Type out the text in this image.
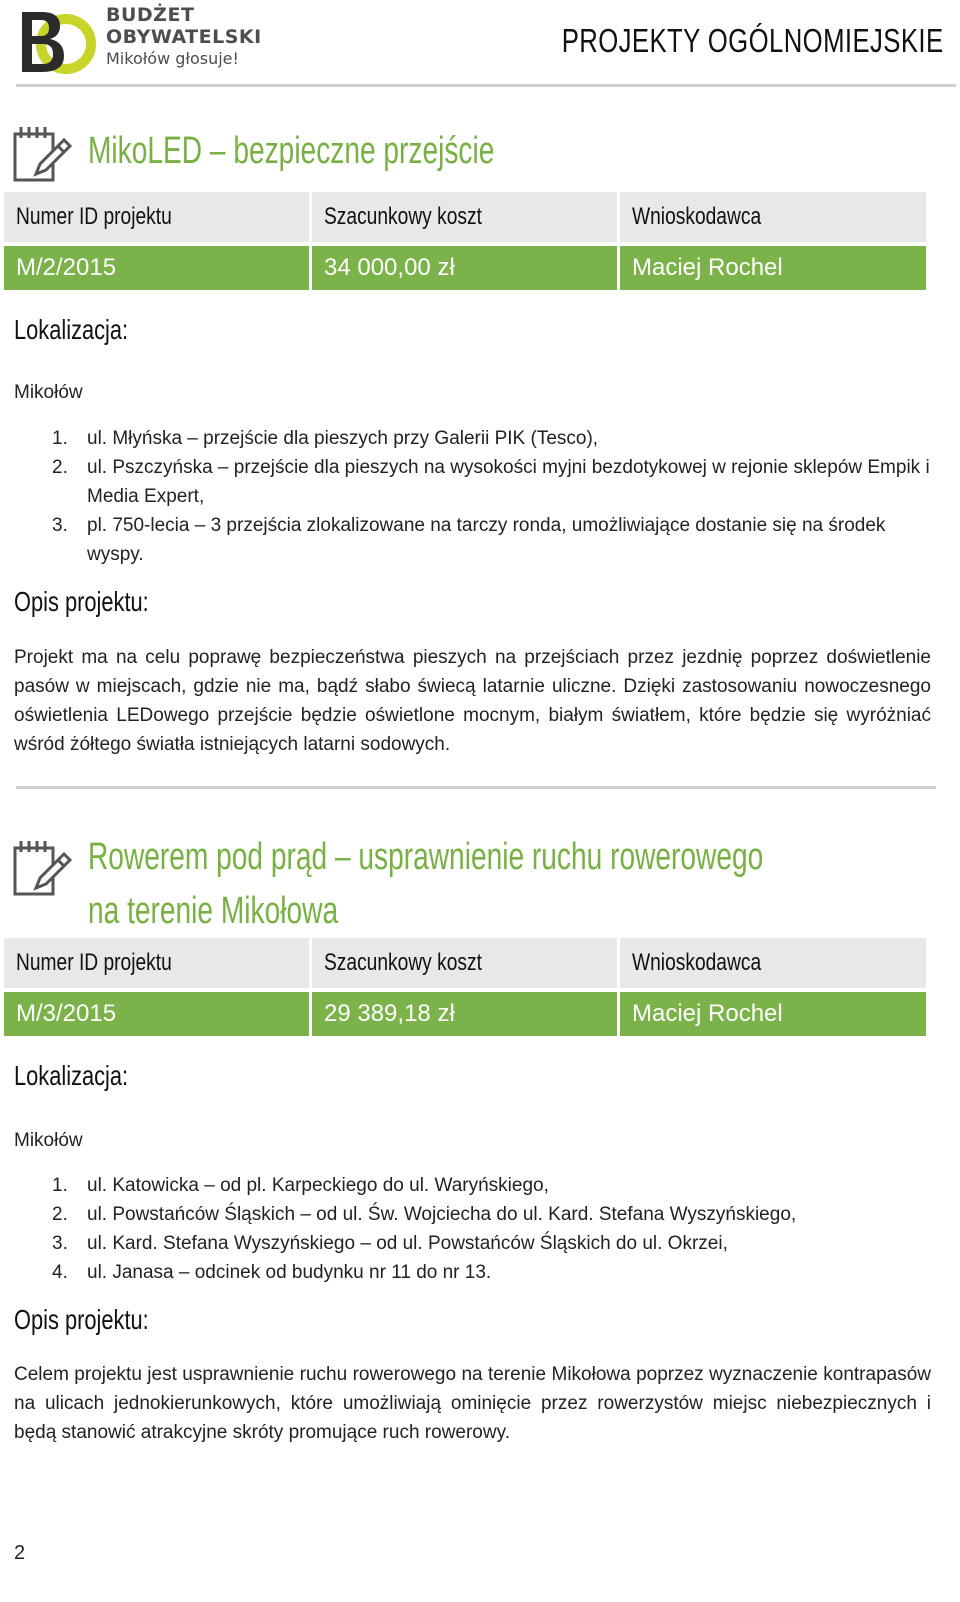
BUDŻET
OBYWATELSKI
Mikołów głosuje!	PROJEKTY OGÓLNOMIEJSKIE
MikoLED – bezpieczne przejście
Numer ID projektu	Szacunkowy koszt	Wnioskodawca
M/2/2015	34 000,00 zł	Maciej Rochel
Lokalizacja:
Mikołów
1. ul. Młyńska – przejście dla pieszych przy Galerii PIK (Tesco),
2. ul. Pszczyńska – przejście dla pieszych na wysokości myjni bezdotykowej w rejonie sklepów Empik i Media Expert,
3. pl. 750-lecia – 3 przejścia zlokalizowane na tarczy ronda, umożliwiające dostanie się na środek wyspy.
Opis projektu:
Projekt ma na celu poprawę bezpieczeństwa pieszych na przejściach przez jezdnię poprzez doświetlenie pasów w miejscach, gdzie nie ma, bądź słabo świecą latarnie uliczne. Dzięki zastosowaniu nowoczesnego oświetlenia LEDowego przejście będzie oświetlone mocnym, białym światłem, które będzie się wyróżniać wśród żółtego światła istniejących latarni sodowych.
Rowerem pod prąd – usprawnienie ruchu rowerowego
na terenie Mikołowa
Numer ID projektu	Szacunkowy koszt	Wnioskodawca
M/3/2015	29 389,18 zł	Maciej Rochel
Lokalizacja:
Mikołów
1. ul. Katowicka – od pl. Karpeckiego do ul. Waryńskiego,
2. ul. Powstańców Śląskich – od ul. Św. Wojciecha do ul. Kard. Stefana Wyszyńskiego,
3. ul. Kard. Stefana Wyszyńskiego – od ul. Powstańców Śląskich do ul. Okrzei,
4. ul. Janasa – odcinek od budynku nr 11 do nr 13.
Opis projektu:
Celem projektu jest usprawnienie ruchu rowerowego na terenie Mikołowa poprzez wyznaczenie kontrapasów na ulicach jednokierunkowych, które umożliwiają ominięcie przez rowerzystów miejsc niebezpiecznych i będą stanowić atrakcyjne skróty promujące ruch rowerowy.
2
